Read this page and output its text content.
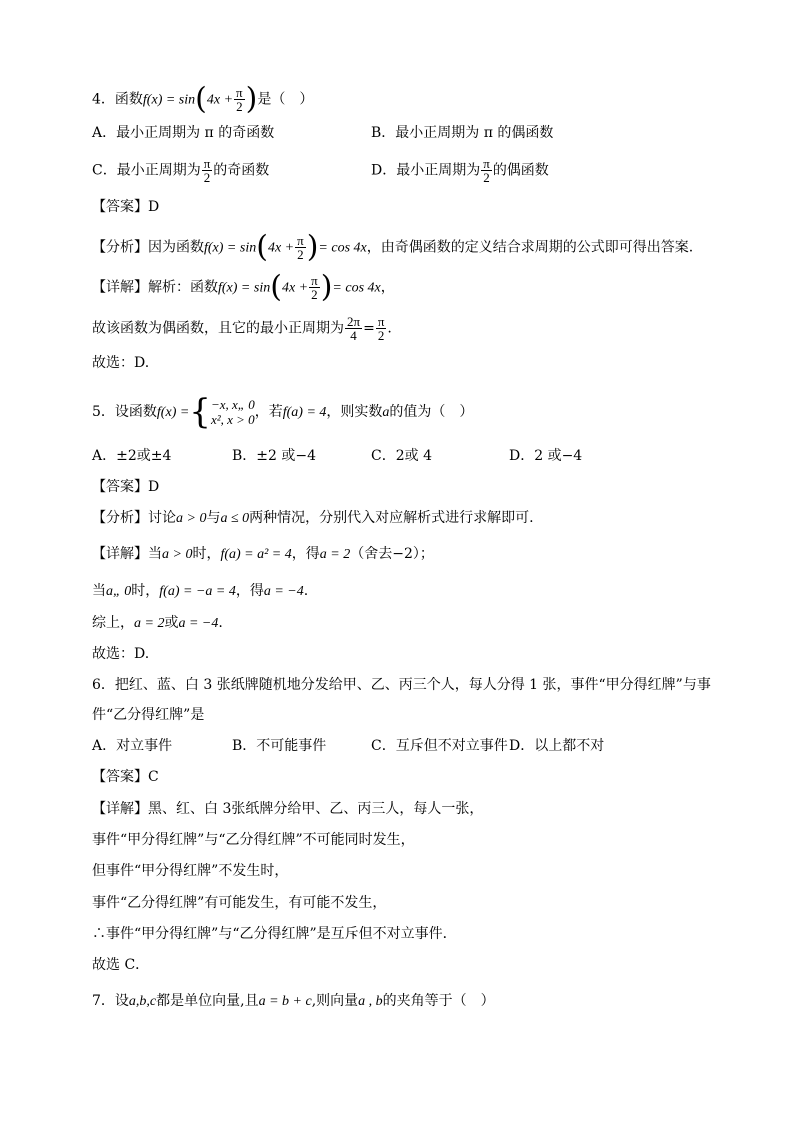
4．函数$f(x) = \sin(4x + \frac{\pi}{2}$ )是（　）
A．最小正周期为 π 的奇函数	B．最小正周期为 π 的偶函数
C．最小正周期为 $\frac{\pi}{2}$ 的奇函数	D．最小正周期为 $\frac{\pi}{2}$ 的偶函数
【答案】D
【分析】因为函数$f(x) = \sin(4x + \frac{\pi}{2}$ )= cos 4x，由奇偶函数的定义结合求周期的公式即可得出答案.
【详解】解析：函数$f(x) = \sin(4x + \frac{\pi}{2}$ )= cos 4x，
故该函数为偶函数，且它的最小正周期为 $\frac{2\pi}{4} = \frac{\pi}{2}$ .
故选：D.
5．设函数f(x) ={ −x, x„ 0
x², x > 0 ，若f(a) = 4，则实数a的值为（　）
A．±2或±4	B．±2 或−4	C．2或 4	D．2 或−4
【答案】D
【分析】讨论a > 0与a ≤ 0两种情况，分别代入对应解析式进行求解即可.
【详解】当a > 0时，f(a) = a² = 4，得a = 2（舍去−2）；
当a„ 0时，f(a) = −a = 4，得a = −4.
综上，a = 2或a = −4.
故选：D.
6．把红、蓝、白 3 张纸牌随机地分发给甲、乙、丙三个人，每人分得 1 张，事件“甲分得红牌”与事
件“乙分得红牌”是
A．对立事件	B．不可能事件	C．互斥但不对立事件 D．以上都不对
【答案】C
【详解】黑、红、白 3张纸牌分给甲、乙、丙三人，每人一张，
事件“甲分得红牌”与“乙分得红牌”不可能同时发生，
但事件“甲分得红牌”不发生时，
事件“乙分得红牌”有可能发生，有可能不发生，
∴事件“甲分得红牌”与“乙分得红牌”是互斥但不对立事件．
故选 C．
7．设a,b,c都是单位向量,且a = b + c,则向量a , b的夹角等于（　）
